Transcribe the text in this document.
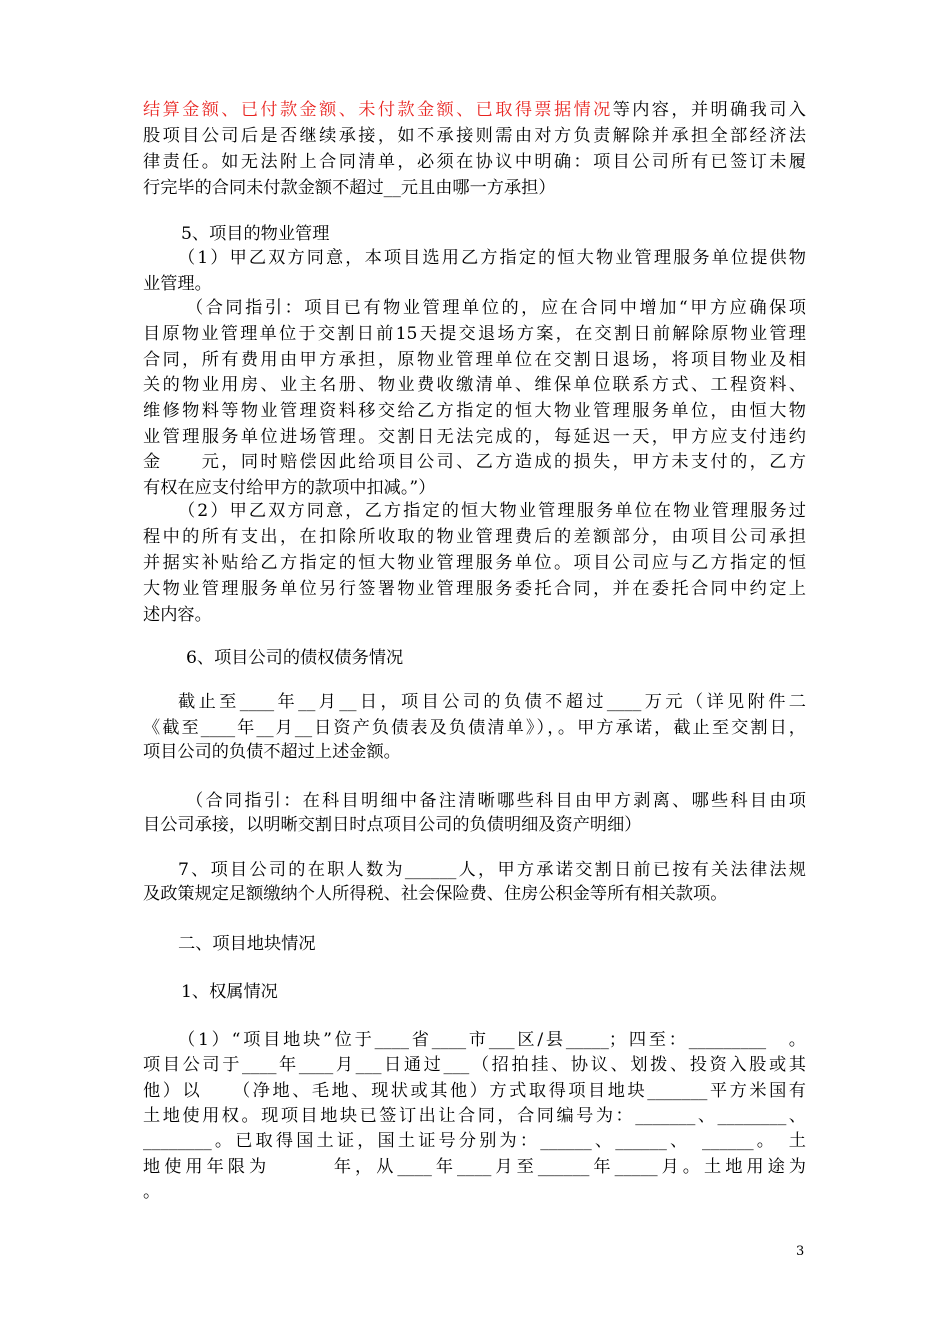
结算金额、已付款金额、未付款金额、已取得票据情况等内容，并明确我司入
股项目公司后是否继续承接，如不承接则需由对方负责解除并承担全部经济法
律责任。如无法附上合同清单，必须在协议中明确：项目公司所有已签订未履
行完毕的合同未付款金额不超过__元且由哪一方承担）
5、项目的物业管理
（1）甲乙双方同意，本项目选用乙方指定的恒大物业管理服务单位提供物
业管理。
（合同指引：项目已有物业管理单位的，应在合同中增加“甲方应确保项
目原物业管理单位于交割日前15天提交退场方案，在交割日前解除原物业管理
合同，所有费用由甲方承担，原物业管理单位在交割日退场，将项目物业及相
关的物业用房、业主名册、物业费收缴清单、维保单位联系方式、工程资料、
维修物料等物业管理资料移交给乙方指定的恒大物业管理服务单位，由恒大物
业管理服务单位进场管理。交割日无法完成的，每延迟一天，甲方应支付违约
金　　元，同时赔偿因此给项目公司、乙方造成的损失，甲方未支付的，乙方
有权在应支付给甲方的款项中扣减。”）
（2）甲乙双方同意，乙方指定的恒大物业管理服务单位在物业管理服务过
程中的所有支出，在扣除所收取的物业管理费后的差额部分，由项目公司承担
并据实补贴给乙方指定的恒大物业管理服务单位。项目公司应与乙方指定的恒
大物业管理服务单位另行签署物业管理服务委托合同，并在委托合同中约定上
述内容。
6、项目公司的债权债务情况
截止至____年__月__日，项目公司的负债不超过____万元（详见附件二
《截至____年__月__日资产负债表及负债清单》），。甲方承诺，截止至交割日，
项目公司的负债不超过上述金额。
（合同指引：在科目明细中备注清晰哪些科目由甲方剥离、哪些科目由项
目公司承接，以明晰交割日时点项目公司的负债明细及资产明细）
7、项目公司的在职人数为______人，甲方承诺交割日前已按有关法律法规
及政策规定足额缴纳个人所得税、社会保险费、住房公积金等所有相关款项。
二、项目地块情况
1、权属情况
（1）“项目地块”位于____省____市___区/县_____；四至：_________　。
项目公司于____年____月___日通过___（招拍挂、协议、划拨、投资入股或其
他）以　　（净地、毛地、现状或其他）方式取得项目地块_______平方米国有
土地使用权。现项目地块已签订出让合同，合同编号为：_______、________、
________。已取得国土证，国土证号分别为：______、______、　______。　土
地使用年限为　　　年，从____年____月至______年_____月。土地用途为
。
3
